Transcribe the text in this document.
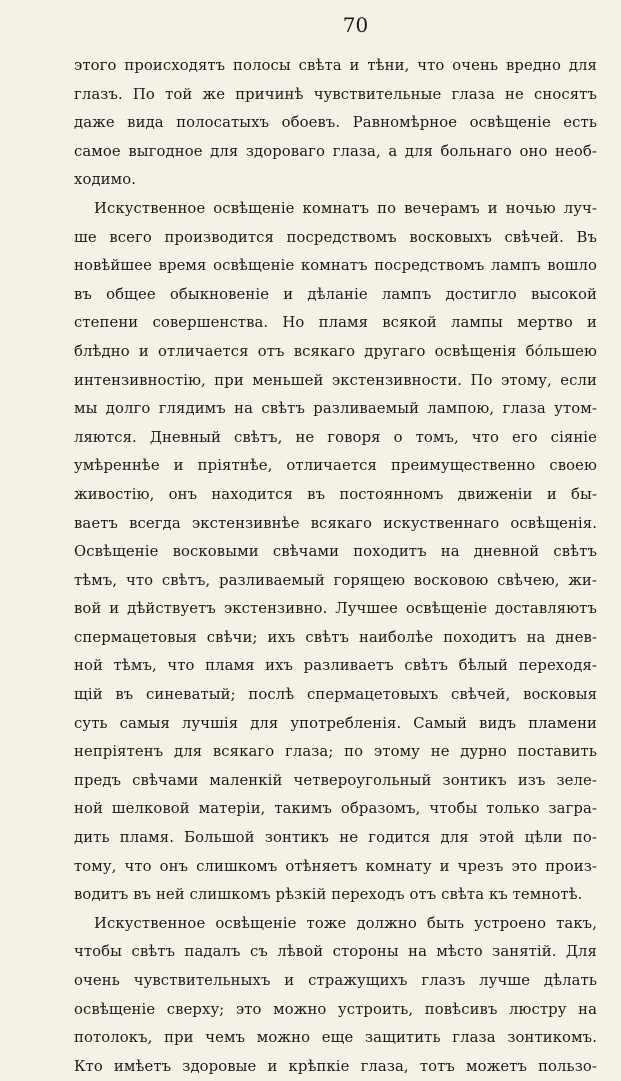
70
этого происходятъ полосы свѣта и тѣни, что очень вредно для
глазъ. По той же причинѣ чувствительные глаза не сносятъ
даже вида полосатыхъ обоевъ. Равномѣрное освѣщеніе есть
самое выгодное для здороваго глаза, а для больнаго оно необ-
ходимо.
Искуственное освѣщеніе комнатъ по вечерамъ и ночью луч-
ше всего производится посредствомъ восковыхъ свѣчей. Въ
новѣйшее время освѣщеніе комнатъ посредствомъ лампъ вошло
въ общее обыкновеніе и дѣланіе лампъ достигло высокой
степени совершенства. Но пламя всякой лампы мертво и
блѣдно и отличается отъ всякаго другаго освѣщенія бо́льшею
интензивностію, при меньшей экстензивности. По этому, если
мы долго глядимъ на свѣтъ разливаемый лампою, глаза утом-
ляются. Дневный свѣтъ, не говоря о томъ, что его сіяніе
умѣреннѣе и пріятнѣе, отличается преимущественно своею
живостію, онъ находится въ постоянномъ движеніи и бы-
ваетъ всегда экстензивнѣе всякаго искуственнаго освѣщенія.
Освѣщеніе восковыми свѣчами походитъ на дневной свѣтъ
тѣмъ, что свѣтъ, разливаемый горящею восковою свѣчею, жи-
вой и дѣйствуетъ экстензивно. Лучшее освѣщеніе доставляютъ
спермацетовыя свѣчи; ихъ свѣтъ наиболѣе походитъ на днев-
ной тѣмъ, что пламя ихъ разливаетъ свѣтъ бѣлый переходя-
щій въ синеватый; послѣ спермацетовыхъ свѣчей, восковыя
суть самыя лучшія для употребленія. Самый видъ пламени
непріятенъ для всякаго глаза; по этому не дурно поставить
предъ свѣчами маленкій четвероугольный зонтикъ изъ зеле-
ной шелковой матеріи, такимъ образомъ, чтобы только загра-
дить пламя. Большой зонтикъ не годится для этой цѣли по-
тому, что онъ слишкомъ отѣняетъ комнату и чрезъ это произ-
водитъ въ ней слишкомъ рѣзкій переходъ отъ свѣта къ темнотѣ.
Искуственное освѣщеніе тоже должно быть устроено такъ,
чтобы свѣтъ падалъ съ лѣвой стороны на мѣсто занятій. Для
очень чувствительныхъ и стражущихъ глазъ лучше дѣлать
освѣщеніе сверху; это можно устроить, повѣсивъ люстру на
потолокъ, при чемъ можно еще защитить глаза зонтикомъ.
Кто имѣетъ здоровые и крѣпкіе глаза, тотъ можетъ пользо-
